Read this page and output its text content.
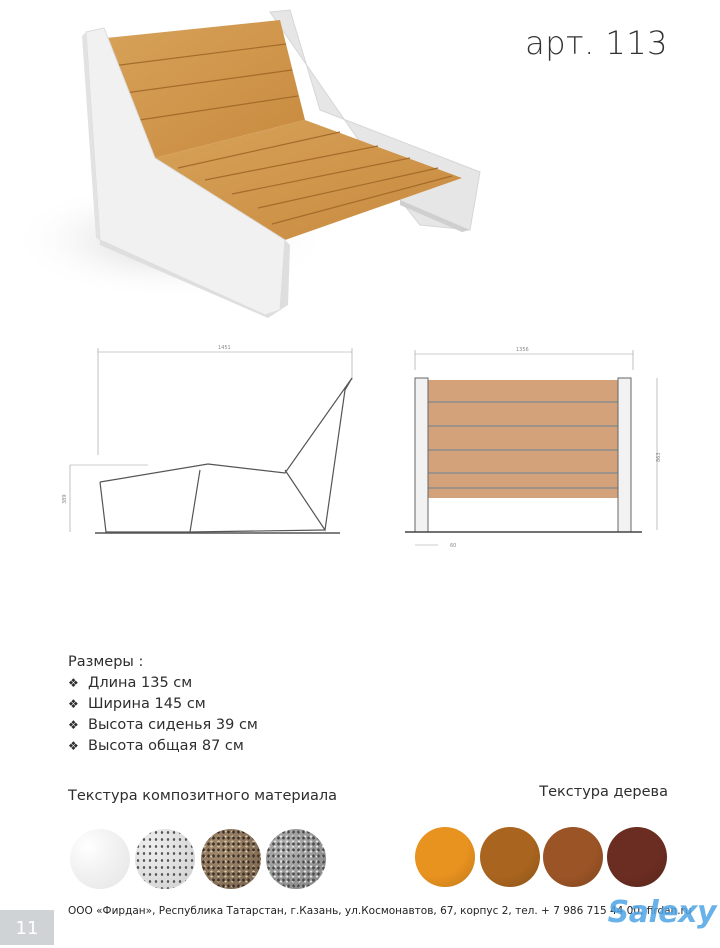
арт. 113
1451
389
1356
863
60
Размеры :
❖ Длина 135 см
❖ Ширина 145 см
❖ Высота сиденья 39 см
❖ Высота общая 87 см
Текстура композитного материала	Текстура дерева
11
ООО «Фирдан», Республика Татарстан, г.Казань, ул.Космонавтов, 67, корпус 2, тел. + 7 986 715 44 00, firdan.ru
Salexy
